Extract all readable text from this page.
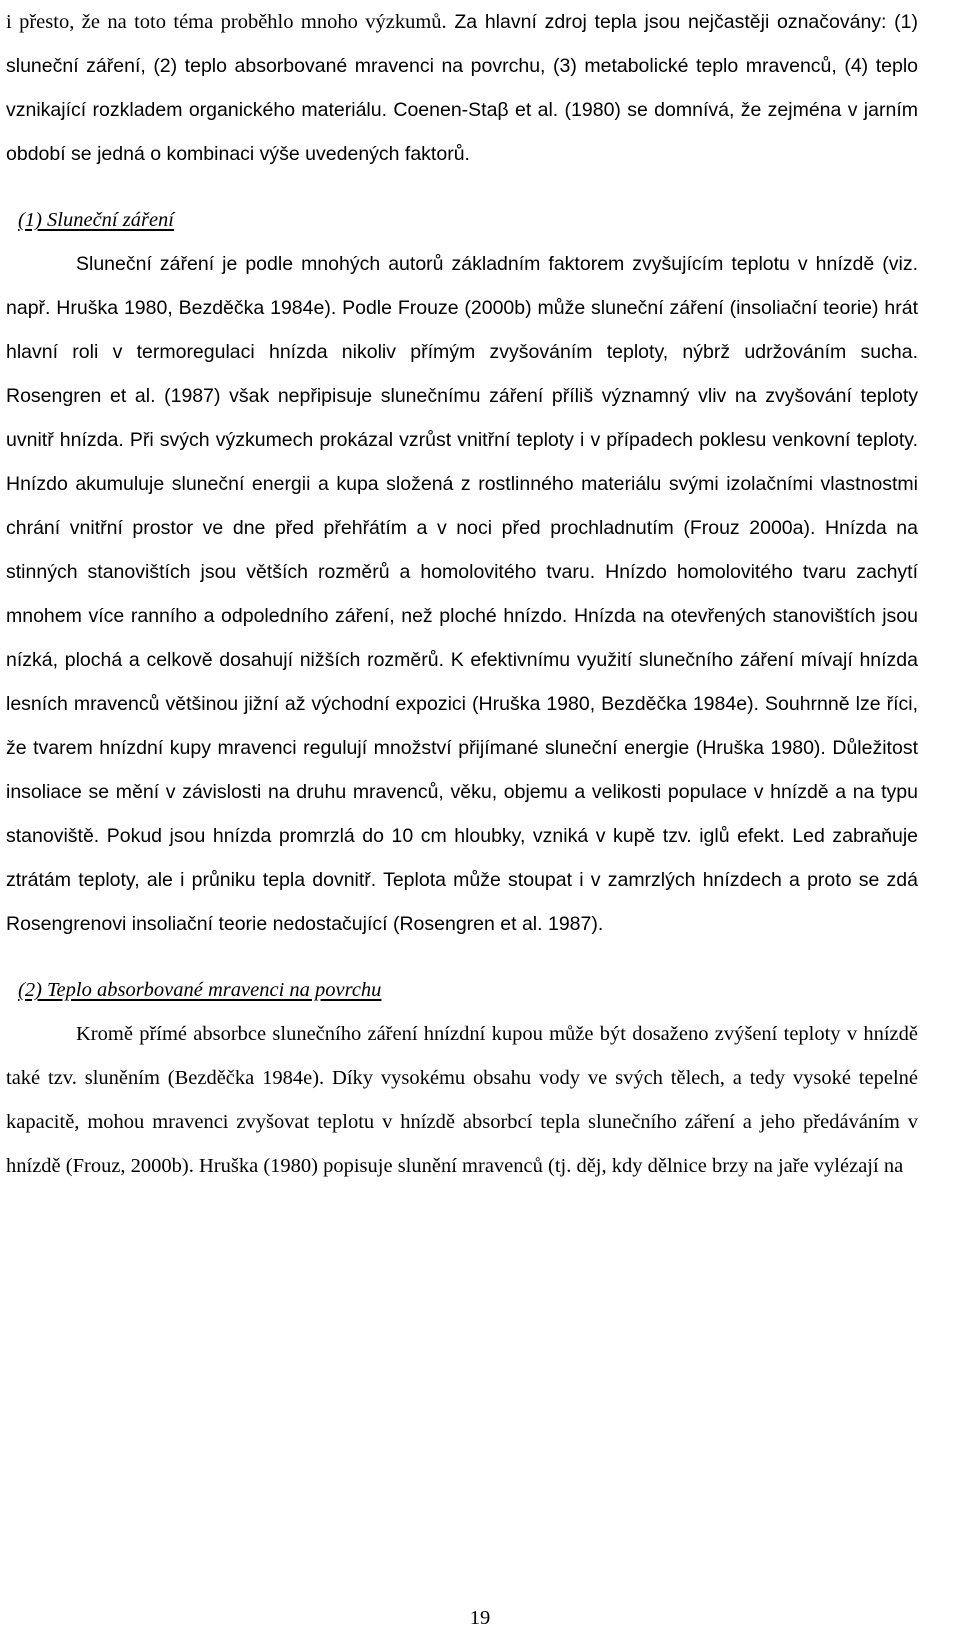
i přesto, že na toto téma proběhlo mnoho výzkumů. Za hlavní zdroj tepla jsou nejčastěji označovány: (1) sluneční záření, (2) teplo absorbované mravenci na povrchu, (3) metabolické teplo mravenců, (4) teplo vznikající rozkladem organického materiálu. Coenen-Staβ et al. (1980) se domnívá, že zejména v jarním období se jedná o kombinaci výše uvedených faktorů.

(1) Sluneční záření

Sluneční záření je podle mnohých autorů základním faktorem zvyšujícím teplotu v hnízdě (viz. např. Hruška 1980, Bezděčka 1984e). Podle Frouze (2000b) může sluneční záření (insoliační teorie) hrát hlavní roli v termoregulaci hnízda nikoliv přímým zvyšováním teploty, nýbrž udržováním sucha. Rosengren et al. (1987) však nepřipisuje slunečnímu záření příliš významný vliv na zvyšování teploty uvnitř hnízda. Při svých výzkumech prokázal vzrůst vnitřní teploty i v případech poklesu venkovní teploty. Hnízdo akumuluje sluneční energii a kupa složená z rostlinného materiálu svými izolačními vlastnostmi chrání vnitřní prostor ve dne před přehřátím a v noci před prochladnutím (Frouz 2000a). Hnízda na stinných stanovištích jsou větších rozměrů a homolovitého tvaru. Hnízdo homolovitého tvaru zachytí mnohem více ranního a odpoledního záření, než ploché hnízdo. Hnízda na otevřených stanovištích jsou nízká, plochá a celkově dosahují nižších rozměrů. K efektivnímu využití slunečního záření mívají hnízda lesních mravenců většinou jižní až východní expozici (Hruška 1980, Bezděčka 1984e). Souhrnně lze říci, že tvarem hnízdní kupy mravenci regulují množství přijímané sluneční energie (Hruška 1980). Důležitost insoliace se mění v závislosti na druhu mravenců, věku, objemu a velikosti populace v hnízdě a na typu stanoviště. Pokud jsou hnízda promrzlá do 10 cm hloubky, vzniká v kupě tzv. iglů efekt. Led zabraňuje ztrátám teploty, ale i průniku tepla dovnitř. Teplota může stoupat i v zamrzlých hnízdech a proto se zdá Rosengrenovi insoliační teorie nedostačující (Rosengren et al. 1987).

(2) Teplo absorbované mravenci na povrchu

Kromě přímé absorbce slunečního záření hnízdní kupou může být dosaženo zvýšení teploty v hnízdě také tzv. sluněním (Bezděčka 1984e). Díky vysokému obsahu vody ve svých tělech, a tedy vysoké tepelné kapacitě, mohou mravenci zvyšovat teplotu v hnízdě absorbcí tepla slunečního záření a jeho předáváním v hnízdě (Frouz, 2000b). Hruška (1980) popisuje slunění mravenců (tj. děj, kdy dělnice brzy na jaře vylézají na

19
